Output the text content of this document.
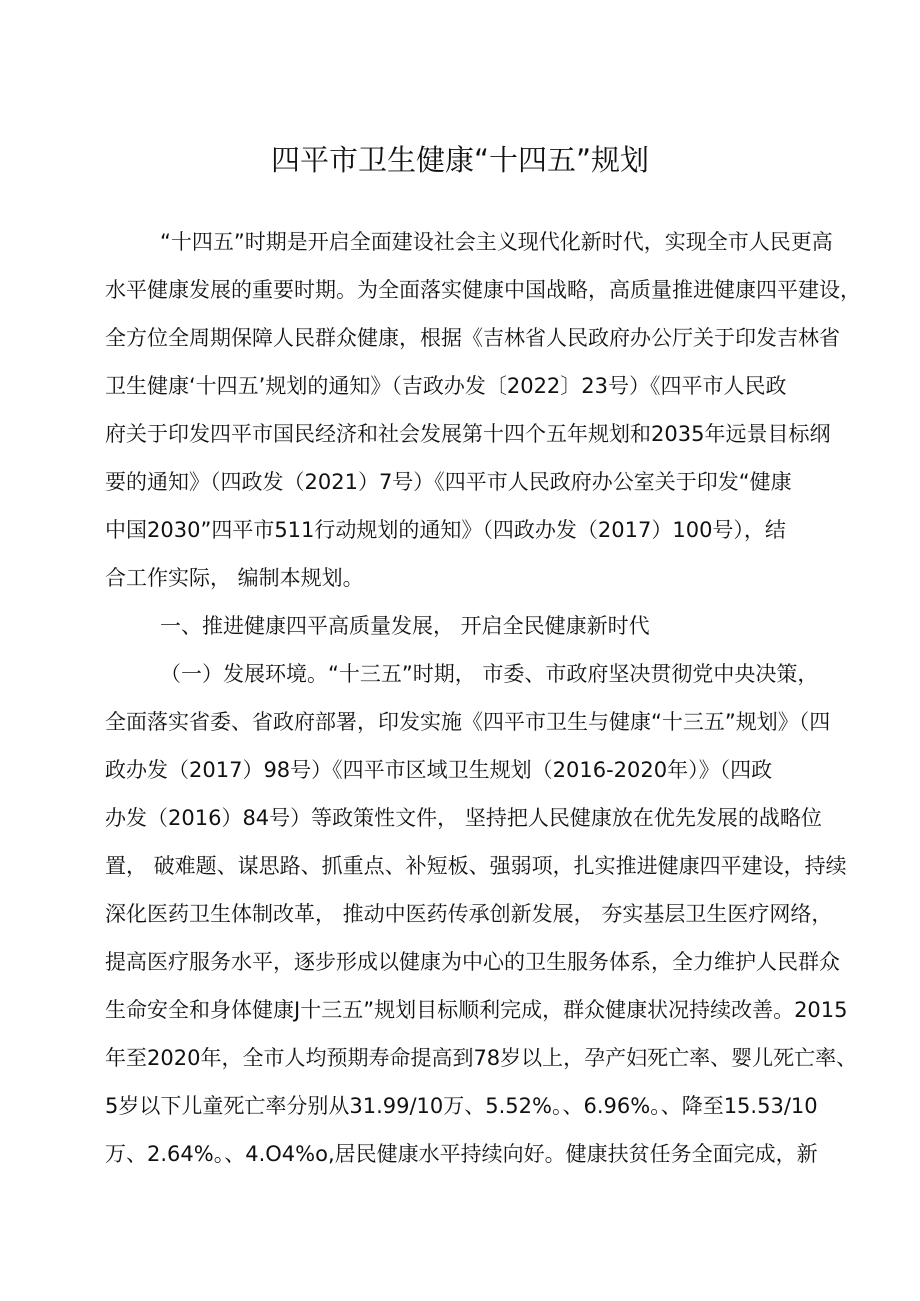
四平市卫生健康“十四五”规划

“十四五”时期是开启全面建设社会主义现代化新时代，实现全市人民更高

水平健康发展的重要时期。为全面落实健康中国战略，高质量推进健康四平建设，

全方位全周期保障人民群众健康，根据《吉林省人民政府办公厅关于印发吉林省

卫生健康‘十四五’规划的通知》（吉政办发〔2022〕23号）《四平市人民政

府关于印发四平市国民经济和社会发展第十四个五年规划和2035年远景目标纲

要的通知》（四政发（2021）7号）《四平市人民政府办公室关于印发“健康

中国2030”四平市511行动规划的通知》（四政办发（2017）100号），结

合工作实际， 编制本规划。

一、推进健康四平高质量发展， 开启全民健康新时代

（一）发展环境。“十三五”时期， 市委、市政府坚决贯彻党中央决策，

全面落实省委、省政府部署，印发实施《四平市卫生与健康“十三五”规划》（四

政办发（2017）98号）《四平市区域卫生规划（2016-2020年）》（四政

办发（2016）84号）等政策性文件， 坚持把人民健康放在优先发展的战略位

置， 破难题、谋思路、抓重点、补短板、强弱项，扎实推进健康四平建设，持续

深化医药卫生体制改革， 推动中医药传承创新发展， 夯实基层卫生医疗网络，

提高医疗服务水平，逐步形成以健康为中心的卫生服务体系，全力维护人民群众

生命安全和身体健康J十三五”规划目标顺利完成，群众健康状况持续改善。2015

年至2020年，全市人均预期寿命提高到78岁以上，孕产妇死亡率、婴儿死亡率、

5岁以下儿童死亡率分别从31.99/10万、5.52%。、6.96%。、降至15.53/10

万、2.64%。、4.O4%o,居民健康水平持续向好。健康扶贫任务全面完成，新
